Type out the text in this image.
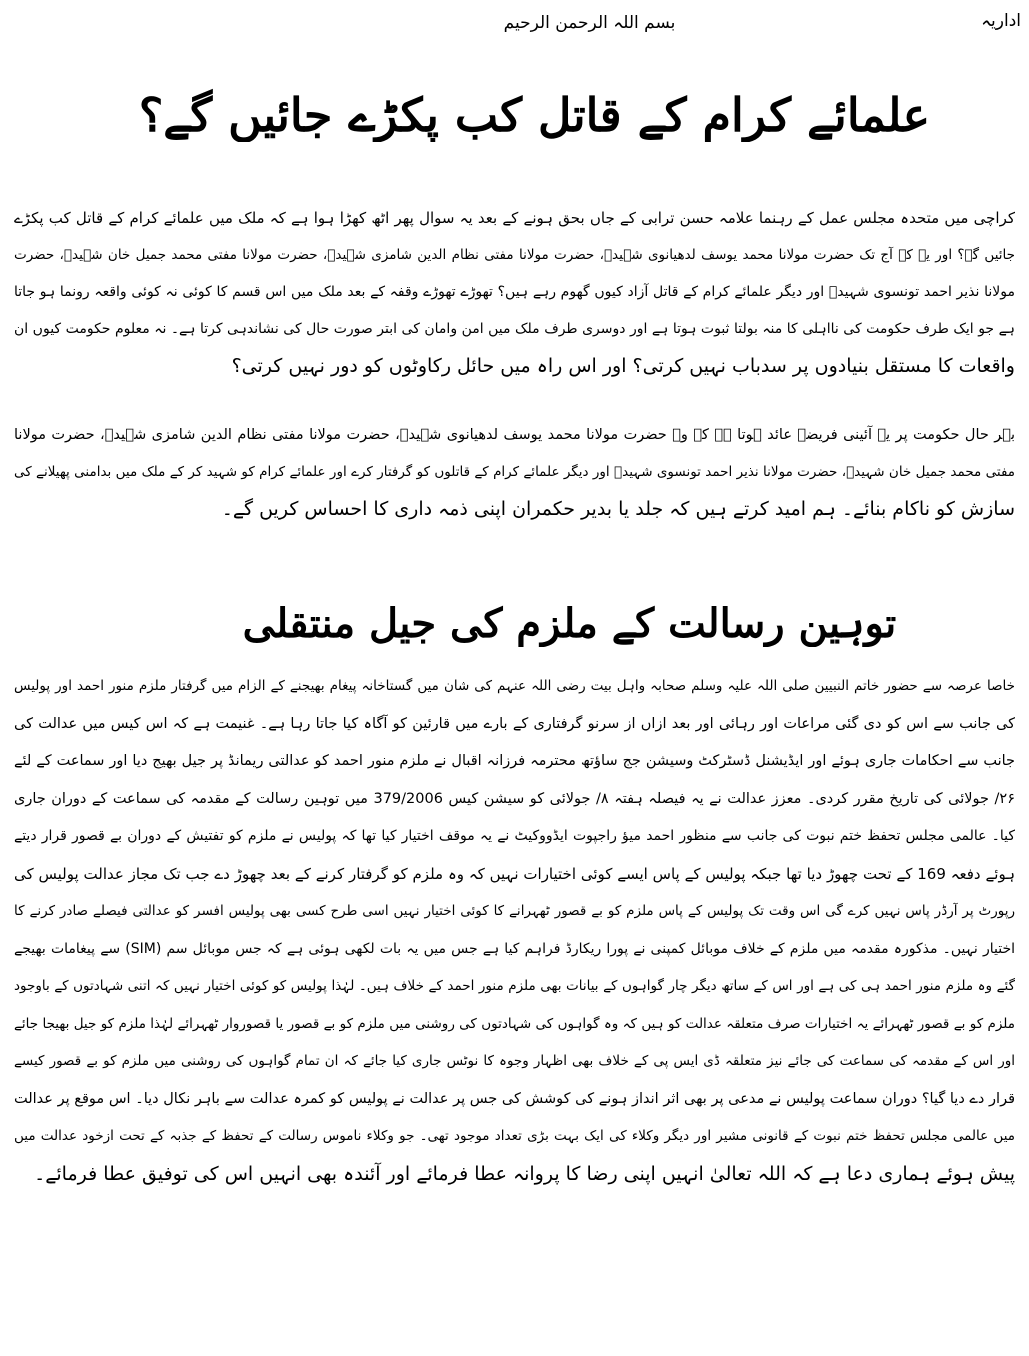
اداریہ
بسم اللہ الرحمن الرحیم
علمائے کرام کے قاتل کب پکڑے جائیں گے؟
کراچی میں متحدہ مجلس عمل کے رہنما علامہ حسن ترابی کے جاں بحق ہونے کے بعد یہ سوال پھر اٹھ کھڑا ہوا ہے کہ ملک میں علمائے کرام کے قاتل کب پکڑے
جائیں گے؟ اور یہ کہ آج تک حضرت مولانا محمد یوسف لدھیانوی شہیدؒ، حضرت مولانا مفتی نظام الدین شامزی شہیدؒ، حضرت مولانا مفتی محمد جمیل خان شہیدؒ، حضرت
مولانا نذیر احمد تونسوی شہیدؒ اور دیگر علمائے کرام کے قاتل آزاد کیوں گھوم رہے ہیں؟ تھوڑے تھوڑے وقفہ کے بعد ملک میں اس قسم کا کوئی نہ کوئی واقعہ رونما ہو جاتا
ہے جو ایک طرف حکومت کی نااہلی کا منہ بولتا ثبوت ہوتا ہے اور دوسری طرف ملک میں امن وامان کی ابتر صورت حال کی نشاندہی کرتا ہے۔ نہ معلوم حکومت کیوں ان
واقعات کا مستقل بنیادوں پر سدباب نہیں کرتی؟ اور اس راہ میں حائل رکاوٹوں کو دور نہیں کرتی؟
بہر حال حکومت پر یہ آئینی فریضہ عائد ہوتا ہے کہ وہ حضرت مولانا محمد یوسف لدھیانوی شہیدؒ، حضرت مولانا مفتی نظام الدین شامزی شہیدؒ، حضرت مولانا
مفتی محمد جمیل خان شہیدؒ، حضرت مولانا نذیر احمد تونسوی شہیدؒ اور دیگر علمائے کرام کے قاتلوں کو گرفتار کرے اور علمائے کرام کو شہید کر کے ملک میں بدامنی پھیلانے کی
سازش کو ناکام بنائے۔ ہم امید کرتے ہیں کہ جلد یا بدیر حکمران اپنی ذمہ داری کا احساس کریں گے۔
توہین رسالت کے ملزم کی جیل منتقلی
خاصا عرصہ سے حضور خاتم النبیین صلی اللہ علیہ وسلم صحابہ واہل بیت رضی اللہ عنہم کی شان میں گستاخانہ پیغام بھیجنے کے الزام میں گرفتار ملزم منور احمد اور پولیس
کی جانب سے اس کو دی گئی مراعات اور رہائی اور بعد ازاں از سرنو گرفتاری کے بارے میں قارئین کو آگاہ کیا جاتا رہا ہے۔ غنیمت ہے کہ اس کیس میں عدالت کی
جانب سے احکامات جاری ہوئے اور ایڈیشنل ڈسٹرکٹ وسیشن جج ساؤتھ محترمہ فرزانہ اقبال نے ملزم منور احمد کو عدالتی ریمانڈ پر جیل بھیج دیا اور سماعت کے لئے
۲۶/ جولائی کی تاریخ مقرر کردی۔ معزز عدالت نے یہ فیصلہ ہفتہ ۸/ جولائی کو سیشن کیس 379/2006 میں توہین رسالت کے مقدمہ کی سماعت کے دوران جاری
کیا۔ عالمی مجلس تحفظ ختم نبوت کی جانب سے منظور احمد میؤ راجپوت ایڈووکیٹ نے یہ موقف اختیار کیا تھا کہ پولیس نے ملزم کو تفتیش کے دوران بے قصور قرار دیتے
ہوئے دفعہ 169 کے تحت چھوڑ دیا تھا جبکہ پولیس کے پاس ایسے کوئی اختیارات نہیں کہ وہ ملزم کو گرفتار کرنے کے بعد چھوڑ دے جب تک مجاز عدالت پولیس کی
رپورٹ پر آرڈر پاس نہیں کرے گی اس وقت تک پولیس کے پاس ملزم کو بے قصور ٹھہرانے کا کوئی اختیار نہیں اسی طرح کسی بھی پولیس افسر کو عدالتی فیصلے صادر کرنے کا
اختیار نہیں۔ مذکورہ مقدمہ میں ملزم کے خلاف موبائل کمپنی نے پورا ریکارڈ فراہم کیا ہے جس میں یہ بات لکھی ہوئی ہے کہ جس موبائل سم (SIM) سے پیغامات بھیجے
گئے وہ ملزم منور احمد ہی کی ہے اور اس کے ساتھ دیگر چار گواہوں کے بیانات بھی ملزم منور احمد کے خلاف ہیں۔ لہٰذا پولیس کو کوئی اختیار نہیں کہ اتنی شہادتوں کے باوجود
ملزم کو بے قصور ٹھہرائے یہ اختیارات صرف متعلقہ عدالت کو ہیں کہ وہ گواہوں کی شہادتوں کی روشنی میں ملزم کو بے قصور یا قصوروار ٹھہرائے لہٰذا ملزم کو جیل بھیجا جائے
اور اس کے مقدمہ کی سماعت کی جائے نیز متعلقہ ڈی ایس پی کے خلاف بھی اظہار وجوہ کا نوٹس جاری کیا جائے کہ ان تمام گواہوں کی روشنی میں ملزم کو بے قصور کیسے
قرار دے دیا گیا؟ دوران سماعت پولیس نے مدعی پر بھی اثر انداز ہونے کی کوشش کی جس پر عدالت نے پولیس کو کمرہ عدالت سے باہر نکال دیا۔ اس موقع پر عدالت
میں عالمی مجلس تحفظ ختم نبوت کے قانونی مشیر اور دیگر وکلاء کی ایک بہت بڑی تعداد موجود تھی۔ جو وکلاء ناموس رسالت کے تحفظ کے جذبہ کے تحت ازخود عدالت میں
پیش ہوئے ہماری دعا ہے کہ اللہ تعالیٰ انہیں اپنی رضا کا پروانہ عطا فرمائے اور آئندہ بھی انہیں اس کی توفیق عطا فرمائے۔
